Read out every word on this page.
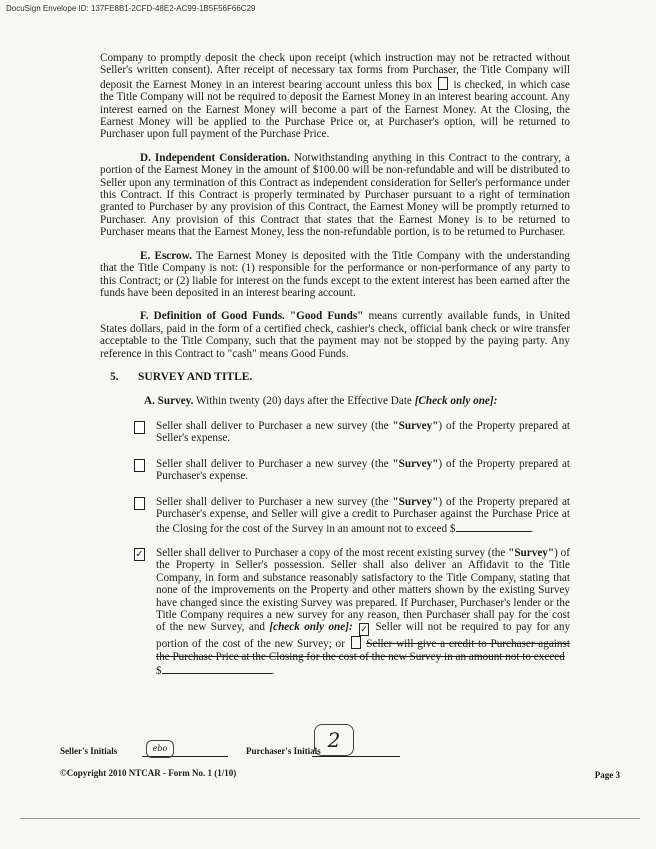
DocuSign Envelope ID: 137FE8B1-2CFD-48E2-AC99-1B5F56F66C29

Company to promptly deposit the check upon receipt (which instruction may not be retracted without Seller's written consent). After receipt of necessary tax forms from Purchaser, the Title Company will deposit the Earnest Money in an interest bearing account unless this box is checked, in which case the Title Company will not be required to deposit the Earnest Money in an interest bearing account. Any interest earned on the Earnest Money will become a part of the Earnest Money. At the Closing, the Earnest Money will be applied to the Purchase Price or, at Purchaser's option, will be returned to Purchaser upon full payment of the Purchase Price.

D. Independent Consideration. Notwithstanding anything in this Contract to the contrary, a portion of the Earnest Money in the amount of $100.00 will be non-refundable and will be distributed to Seller upon any termination of this Contract as independent consideration for Seller's performance under this Contract. If this Contract is properly terminated by Purchaser pursuant to a right of termination granted to Purchaser by any provision of this Contract, the Earnest Money will be promptly returned to Purchaser. Any provision of this Contract that states that the Earnest Money is to be returned to Purchaser means that the Earnest Money, less the non-refundable portion, is to be returned to Purchaser.

E. Escrow. The Earnest Money is deposited with the Title Company with the understanding that the Title Company is not: (1) responsible for the performance or non-performance of any party to this Contract; or (2) liable for interest on the funds except to the extent interest has been earned after the funds have been deposited in an interest bearing account.

F. Definition of Good Funds. "Good Funds" means currently available funds, in United States dollars, paid in the form of a certified check, cashier's check, official bank check or wire transfer acceptable to the Title Company, such that the payment may not be stopped by the paying party. Any reference in this Contract to "cash" means Good Funds.

5. SURVEY AND TITLE.
A. Survey. Within twenty (20) days after the Effective Date [Check only one]:
Seller shall deliver to Purchaser a new survey (the "Survey") of the Property prepared at Seller's expense.
Seller shall deliver to Purchaser a new survey (the "Survey") of the Property prepared at Purchaser's expense.
Seller shall deliver to Purchaser a new survey (the "Survey") of the Property prepared at Purchaser's expense, and Seller will give a credit to Purchaser against the Purchase Price at the Closing for the cost of the Survey in an amount not to exceed $	.
✓ Seller shall deliver to Purchaser a copy of the most recent existing survey (the "Survey") of the Property in Seller's possession. Seller shall also deliver an Affidavit to the Title Company, in form and substance reasonably satisfactory to the Title Company, stating that none of the improvements on the Property and other matters shown by the existing Survey have changed since the existing Survey was prepared. If Purchaser, Purchaser's lender or the Title Company requires a new survey for any reason, then Purchaser shall pay for the cost of the new Survey, and [check only one]: ✓ Seller will not be required to pay for any portion of the cost of the new Survey; or Seller will give a credit to Purchaser against the Purchase Price at the Closing for the cost of the new Survey in an amount not to exceed
$	.
Seller's Initials	ebo	Purchaser's Initials 2
©Copyright 2010 NTCAR - Form No. 1 (1/10)	Page 3
